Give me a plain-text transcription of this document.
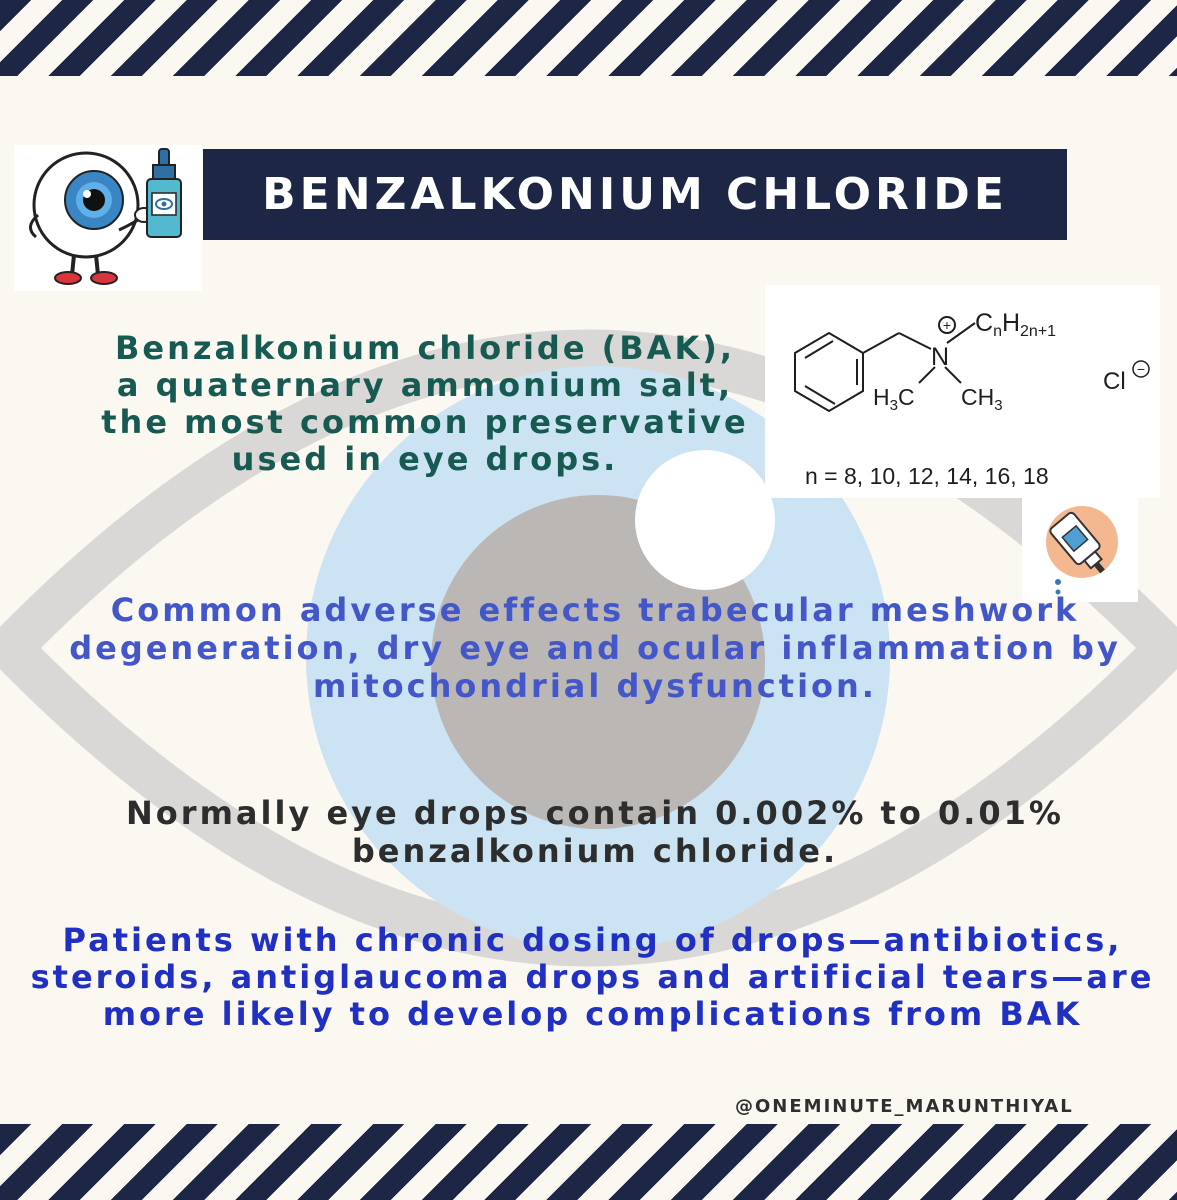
BENZALKONIUM CHLORIDE
+
N
$C_nH_{2n+1}$
$H_3C$ $CH_3$
Cl −
n = 8, 10, 12, 14, 16, 18

Benzalkonium chloride (BAK), a quaternary ammonium salt, the most common preservative used in eye drops.

Common adverse effects trabecular meshwork degeneration, dry eye and ocular inflammation by mitochondrial dysfunction.

Normally eye drops contain 0.002% to 0.01% benzalkonium chloride.

Patients with chronic dosing of drops—antibiotics, steroids, antiglaucoma drops and artificial tears—are more likely to develop complications from BAK

@ONEMINUTE_MARUNTHIYAL
